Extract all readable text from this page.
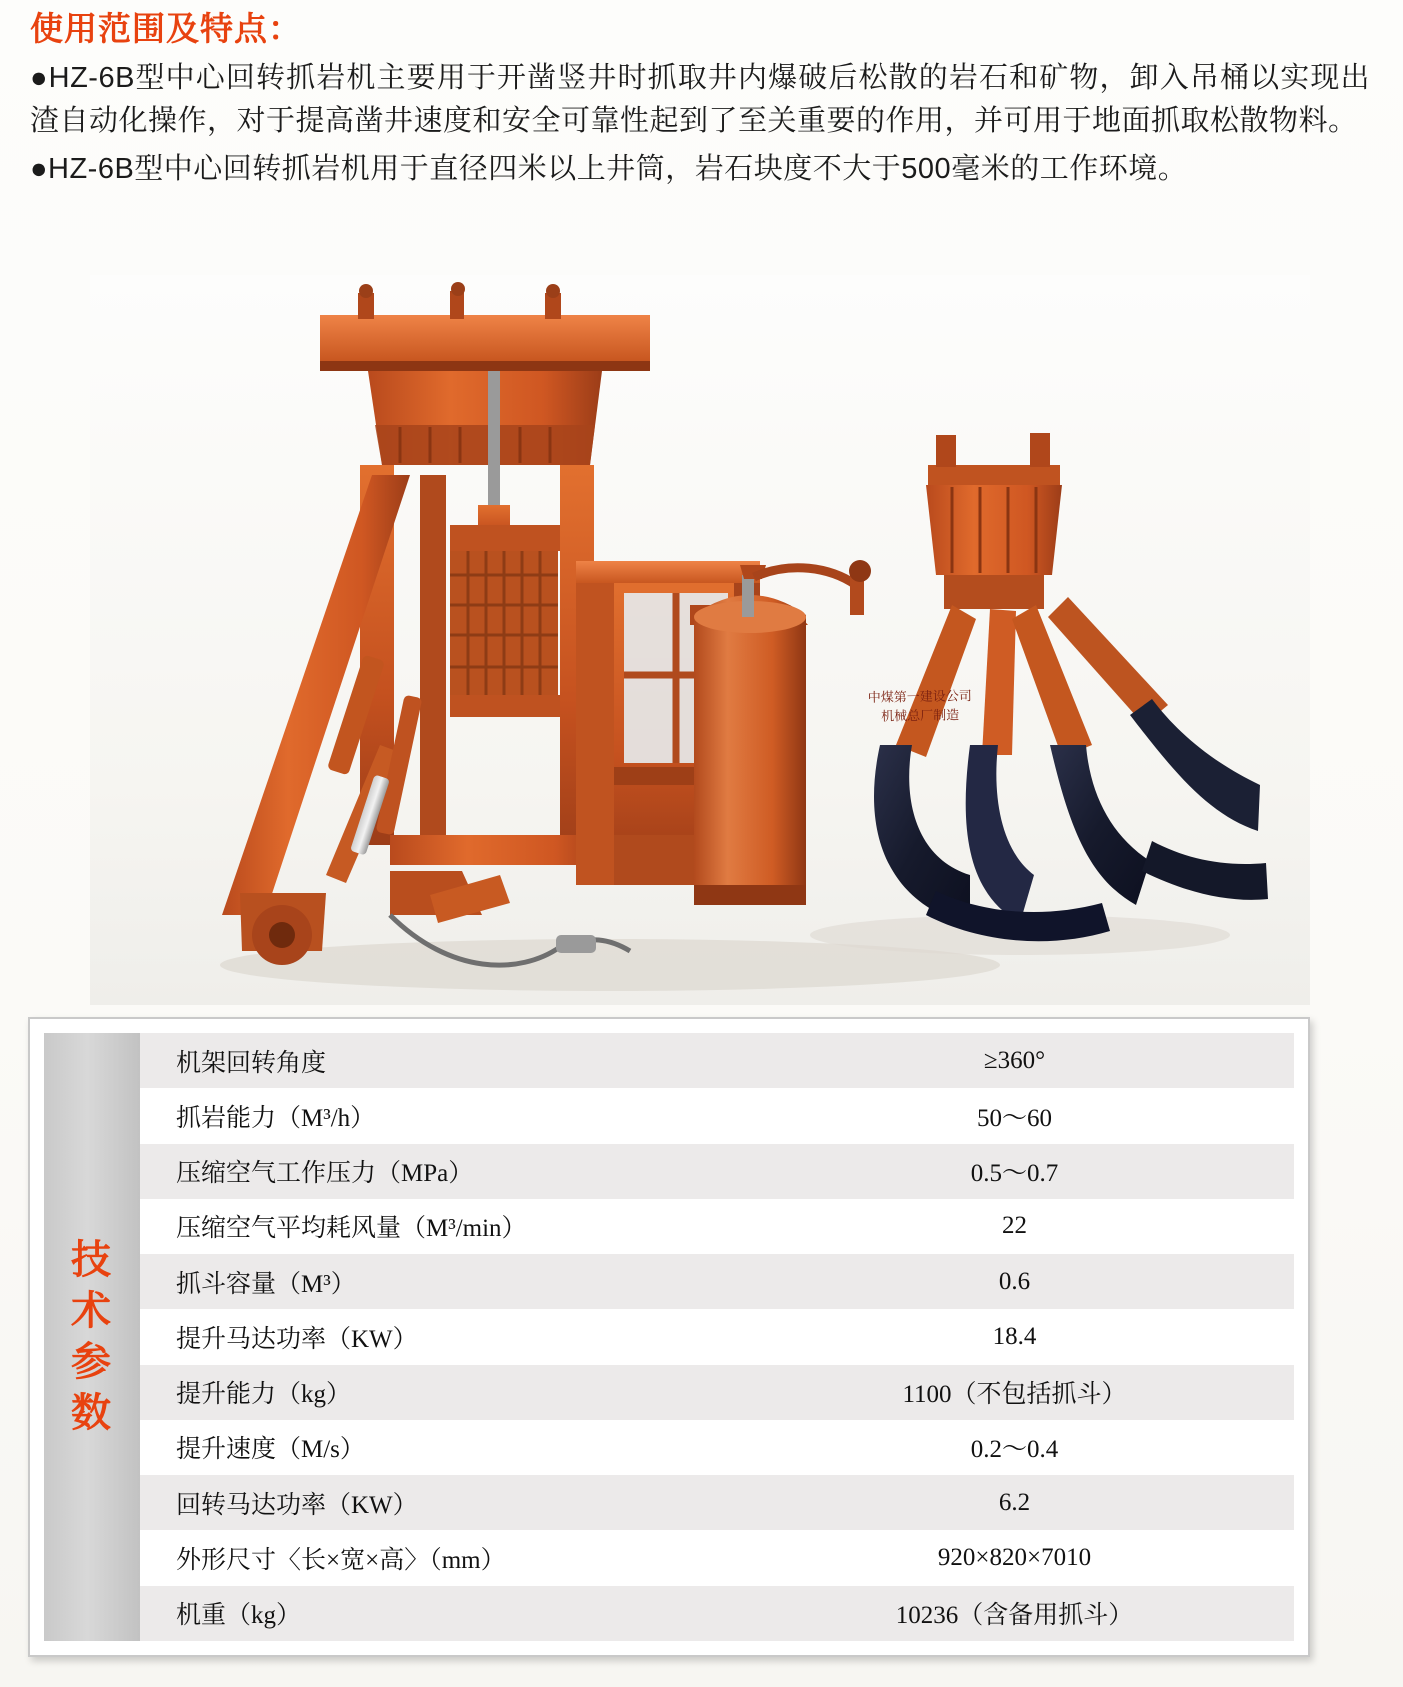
使用范围及特点：
●HZ-6B型中心回转抓岩机主要用于开凿竖井时抓取井内爆破后松散的岩石和矿物，卸入吊桶以实现出渣自动化操作，对于提高凿井速度和安全可靠性起到了至关重要的作用，并可用于地面抓取松散物料。
●HZ-6B型中心回转抓岩机用于直径四米以上井筒，岩石块度不大于500毫米的工作环境。
中煤第一建设公司
机械总厂制造
技
术
参
数		机架回转角度	≥360°
		抓岩能力（M³/h）	50～60
		压缩空气工作压力（MPa）	0.5～0.7
		压缩空气平均耗风量（M³/min）	22
		抓斗容量（M³）	0.6
		提升马达功率（KW）	18.4
		提升能力（kg）	1100（不包括抓斗）
		提升速度（M/s）	0.2～0.4
		回转马达功率（KW）	6.2
		外形尺寸〈长×宽×高〉（mm）	920×820×7010
		机重（kg）	10236（含备用抓斗）
